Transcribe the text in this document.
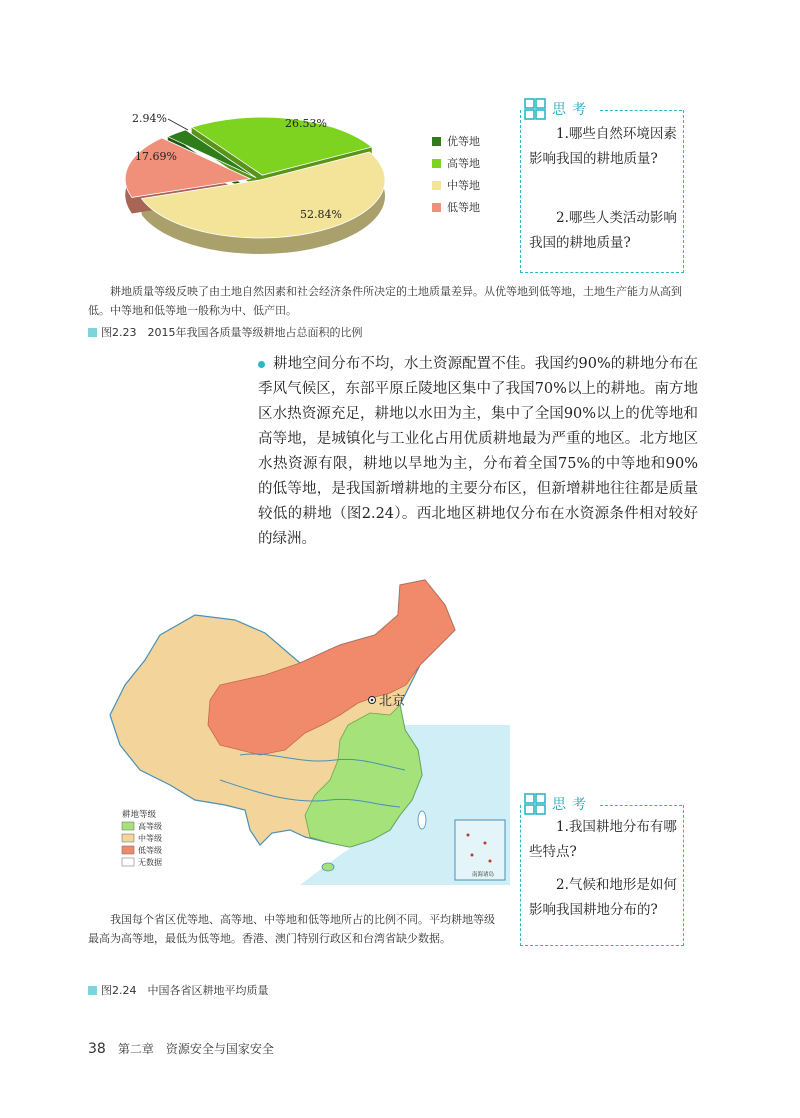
2.94%	26.53%
52.84%
17.69%
优等地
高等地
中等地
低等地
思考
1.哪些自然环境因素影响我国的耕地质量?
2.哪些人类活动影响我国的耕地质量?
耕地质量等级反映了由土地自然因素和社会经济条件所决定的土地质量差异。从优等地到低等地，土地生产能力从高到低。中等地和低等地一般称为中、低产田。
图2.23　2015年我国各质量等级耕地占总面积的比例
耕地空间分布不均，水土资源配置不佳。我国约90%的耕地分布在季风气候区，东部平原丘陵地区集中了我国70%以上的耕地。南方地区水热资源充足，耕地以水田为主，集中了全国90%以上的优等地和高等地，是城镇化与工业化占用优质耕地最为严重的地区。北方地区水热资源有限，耕地以旱地为主，分布着全国75%的中等地和90%的低等地，是我国新增耕地的主要分布区，但新增耕地往往都是质量较低的耕地（图2.24）。西北地区耕地仅分布在水资源条件相对较好的绿洲。
北京
耕地等级
高等级
中等级
低等级
无数据
南海诸岛
思考
1.我国耕地分布有哪些特点?
2.气候和地形是如何影响我国耕地分布的?
我国每个省区优等地、高等地、中等地和低等地所占的比例不同。平均耕地等级最高为高等地，最低为低等地。香港、澳门特别行政区和台湾省缺少数据。
图2.24　中国各省区耕地平均质量
38 第二章　资源安全与国家安全
